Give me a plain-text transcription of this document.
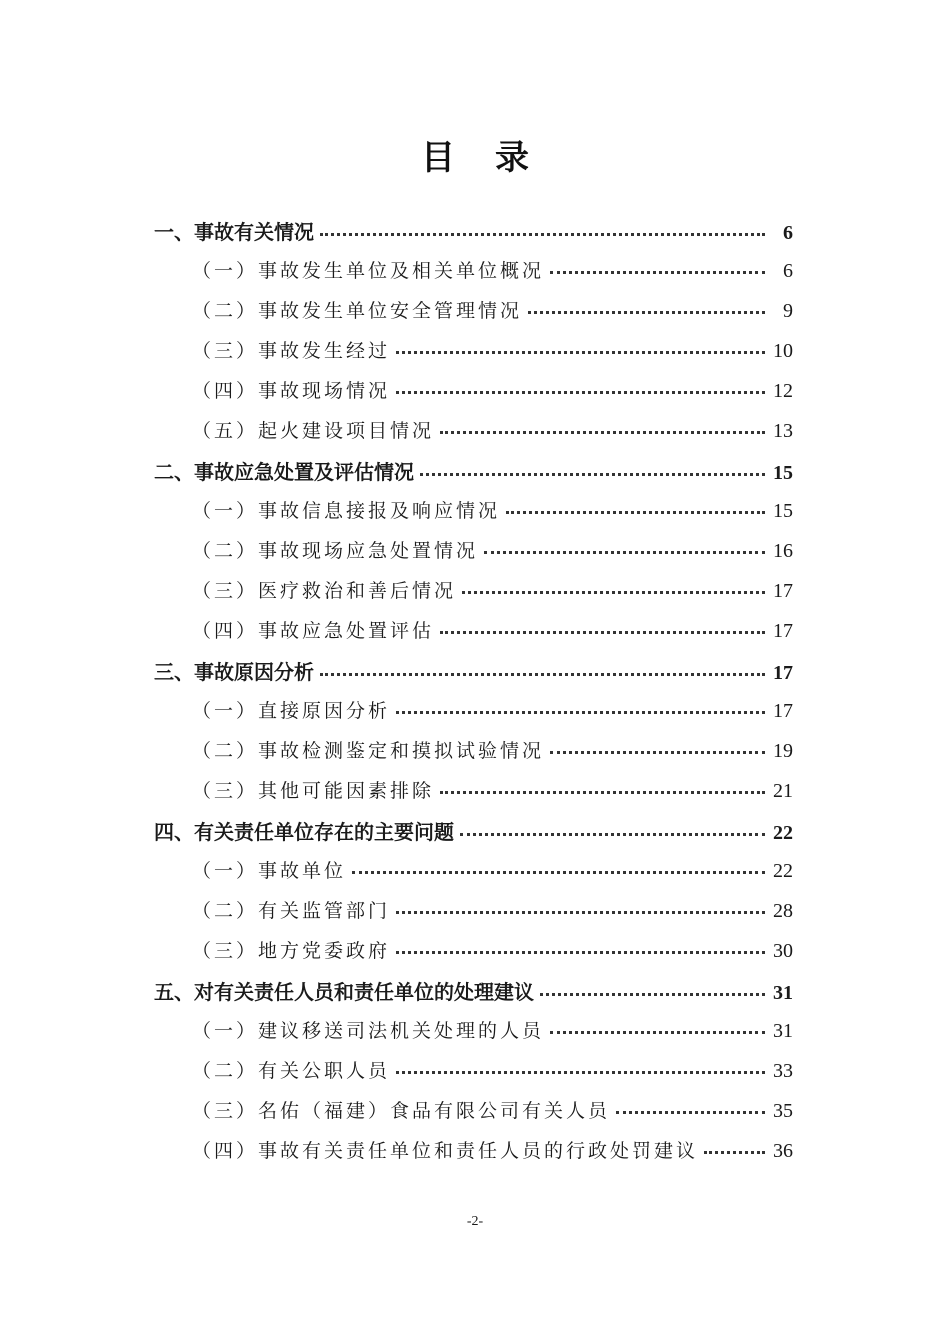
目录
一、事故有关情况	6
（一）事故发生单位及相关单位概况	6
（二）事故发生单位安全管理情况	9
（三）事故发生经过	10
（四）事故现场情况	12
（五）起火建设项目情况	13
二、事故应急处置及评估情况	15
（一）事故信息接报及响应情况	15
（二）事故现场应急处置情况	16
（三）医疗救治和善后情况	17
（四）事故应急处置评估	17
三、事故原因分析	17
（一）直接原因分析	17
（二）事故检测鉴定和摸拟试验情况	19
（三）其他可能因素排除	21
四、有关责任单位存在的主要问题	22
（一）事故单位	22
（二）有关监管部门	28
（三）地方党委政府	30
五、对有关责任人员和责任单位的处理建议	31
（一）建议移送司法机关处理的人员	31
（二）有关公职人员	33
（三）名佑（福建）食品有限公司有关人员	35
（四）事故有关责任单位和责任人员的行政处罚建议	36
-2-
